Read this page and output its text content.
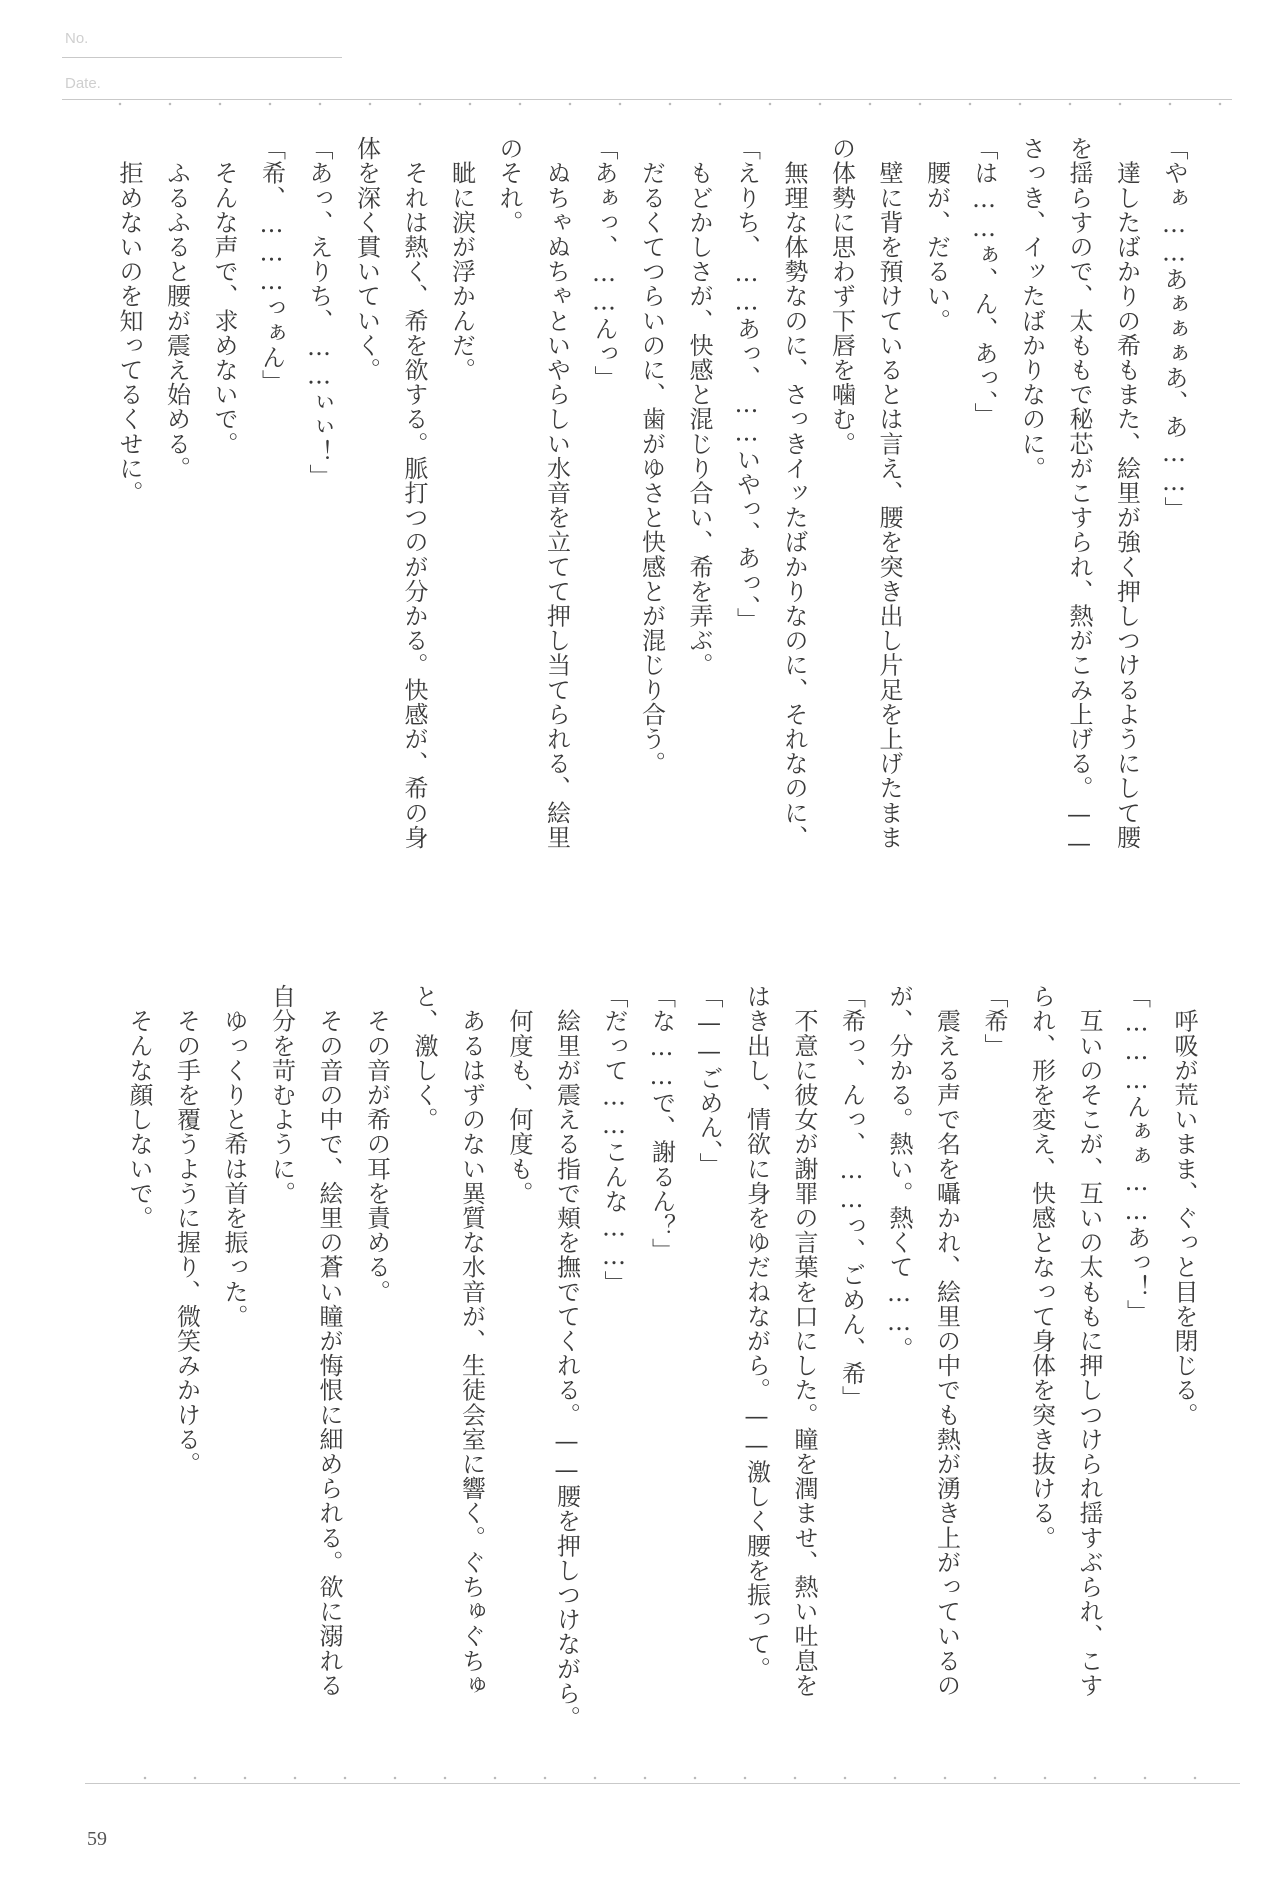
No.
Date.

「やぁ……あぁぁぁあ、あ……」

　達したばかりの希もまた、絵里が強く押しつけるようにして腰

を揺らすので、太ももで秘芯がこすられ、熱がこみ上げる。——

さっき、イッたばかりなのに。

「は……ぁ、ん、あっ、」

　腰が、だるい。

　壁に背を預けているとは言え、腰を突き出し片足を上げたまま

の体勢に思わず下唇を噛む。

　無理な体勢なのに、さっきイッたばかりなのに、それなのに、

「えりち、……あっ、……いやっ、あっ、」

　もどかしさが、快感と混じり合い、希を弄ぶ。

　だるくてつらいのに、歯がゆさと快感とが混じり合う。

「あぁっ、……んっ」

　ぬちゃぬちゃといやらしい水音を立てて押し当てられる、絵里

のそれ。

　眦に涙が浮かんだ。

　それは熱く、希を欲する。脈打つのが分かる。快感が、希の身

体を深く貫いていく。

「あっ、えりち、……ぃぃ！」

「希、………っぁん」

　そんな声で、求めないで。

　ふるふると腰が震え始める。

　拒めないのを知ってるくせに。

　呼吸が荒いまま、ぐっと目を閉じる。

「………んぁぁ……あっ！」

　互いのそこが、互いの太ももに押しつけられ揺すぶられ、こす

られ、形を変え、快感となって身体を突き抜ける。

「希」

　震える声で名を囁かれ、絵里の中でも熱が湧き上がっているの

が、分かる。熱い。熱くて……。

「希っ、んっ、……っ、ごめん、希」

　不意に彼女が謝罪の言葉を口にした。瞳を潤ませ、熱い吐息を

はき出し、情欲に身をゆだねながら。——激しく腰を振って。

「——ごめん、」

「な……で、謝るん？」

「だって……こんな……」

　絵里が震える指で頬を撫でてくれる。——腰を押しつけながら。

　何度も、何度も。

　あるはずのない異質な水音が、生徒会室に響く。ぐちゅぐちゅ

と、激しく。

　その音が希の耳を責める。

　その音の中で、絵里の蒼い瞳が悔恨に細められる。欲に溺れる

自分を苛むように。

　ゆっくりと希は首を振った。

　その手を覆うように握り、微笑みかける。

　そんな顔しないで。

59
